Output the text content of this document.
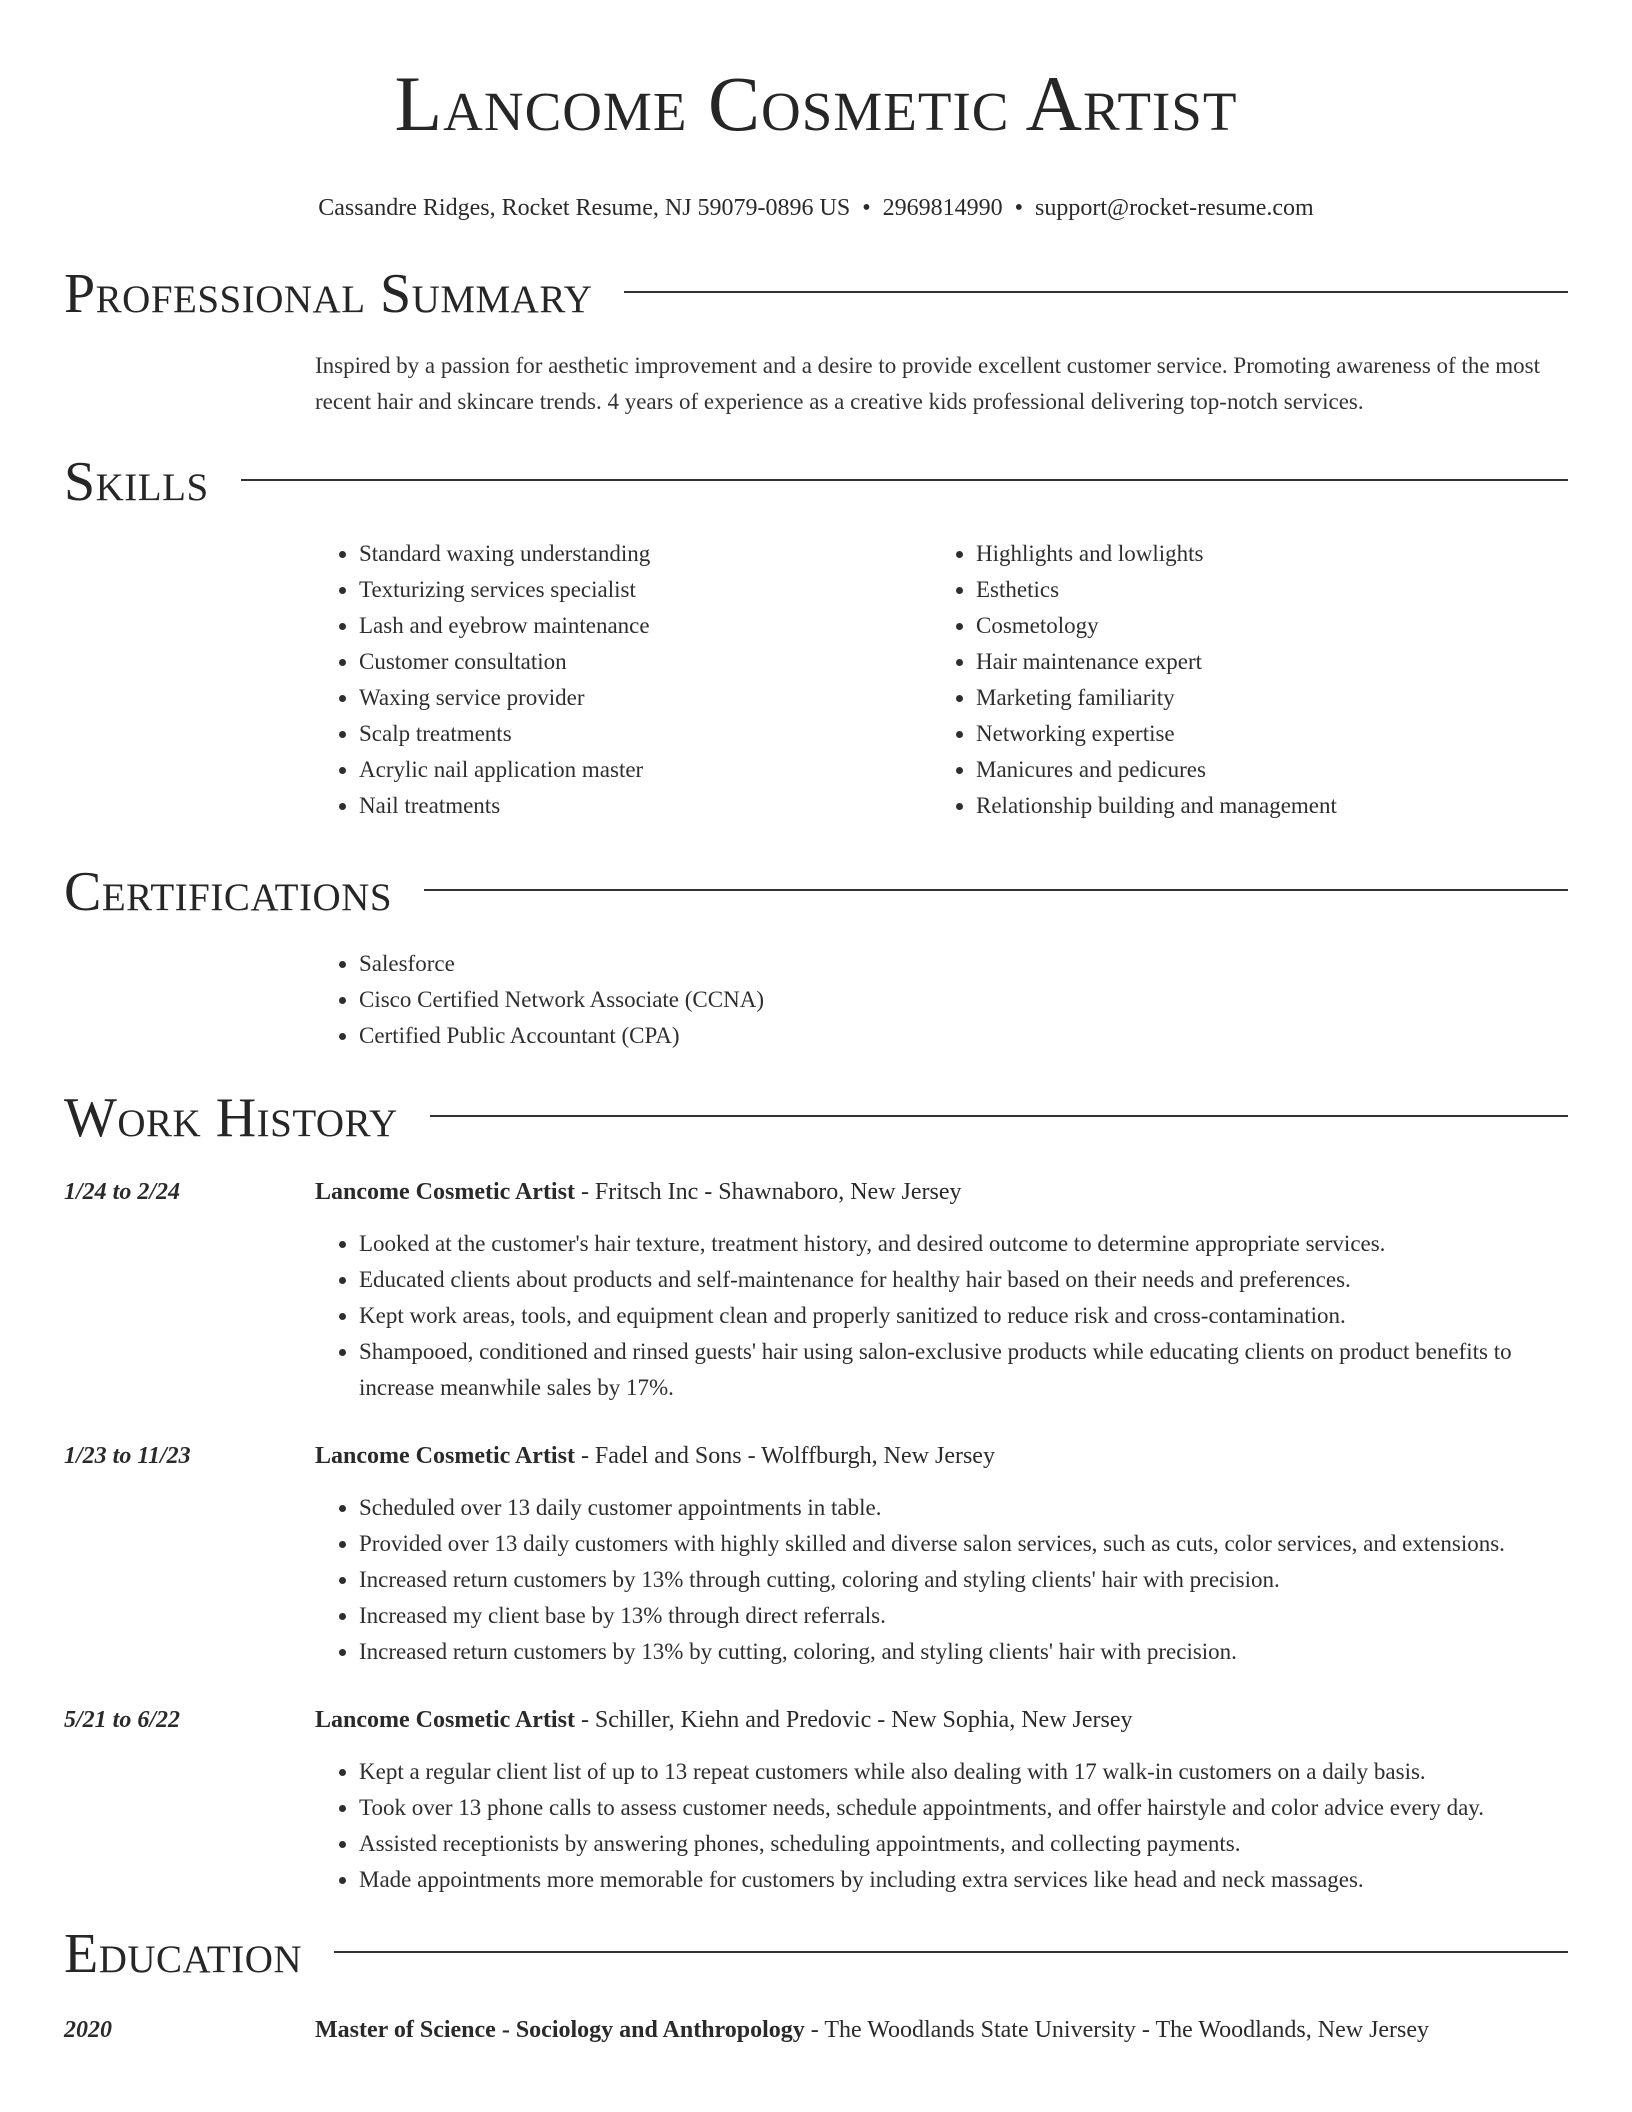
Lancome Cosmetic Artist
Cassandre Ridges, Rocket Resume, NJ 59079-0896 US • 2969814990 • support@rocket-resume.com
Professional Summary
Inspired by a passion for aesthetic improvement and a desire to provide excellent customer service. Promoting awareness of the most recent hair and skincare trends. 4 years of experience as a creative kids professional delivering top-notch services.
Skills
• Standard waxing understanding
• Texturizing services specialist
• Lash and eyebrow maintenance
• Customer consultation
• Waxing service provider
• Scalp treatments
• Acrylic nail application master
• Nail treatments
• Highlights and lowlights
• Esthetics
• Cosmetology
• Hair maintenance expert
• Marketing familiarity
• Networking expertise
• Manicures and pedicures
• Relationship building and management
Certifications
• Salesforce
• Cisco Certified Network Associate (CCNA)
• Certified Public Accountant (CPA)
Work History
1/24 to 2/24	Lancome Cosmetic Artist - Fritsch Inc - Shawnaboro, New Jersey
• Looked at the customer's hair texture, treatment history, and desired outcome to determine appropriate services.
• Educated clients about products and self-maintenance for healthy hair based on their needs and preferences.
• Kept work areas, tools, and equipment clean and properly sanitized to reduce risk and cross-contamination.
• Shampooed, conditioned and rinsed guests' hair using salon-exclusive products while educating clients on product benefits to increase meanwhile sales by 17%.
1/23 to 11/23	Lancome Cosmetic Artist - Fadel and Sons - Wolffburgh, New Jersey
• Scheduled over 13 daily customer appointments in table.
• Provided over 13 daily customers with highly skilled and diverse salon services, such as cuts, color services, and extensions.
• Increased return customers by 13% through cutting, coloring and styling clients' hair with precision.
• Increased my client base by 13% through direct referrals.
• Increased return customers by 13% by cutting, coloring, and styling clients' hair with precision.
5/21 to 6/22	Lancome Cosmetic Artist - Schiller, Kiehn and Predovic - New Sophia, New Jersey
• Kept a regular client list of up to 13 repeat customers while also dealing with 17 walk-in customers on a daily basis.
• Took over 13 phone calls to assess customer needs, schedule appointments, and offer hairstyle and color advice every day.
• Assisted receptionists by answering phones, scheduling appointments, and collecting payments.
• Made appointments more memorable for customers by including extra services like head and neck massages.
Education
2020	Master of Science - Sociology and Anthropology - The Woodlands State University - The Woodlands, New Jersey
